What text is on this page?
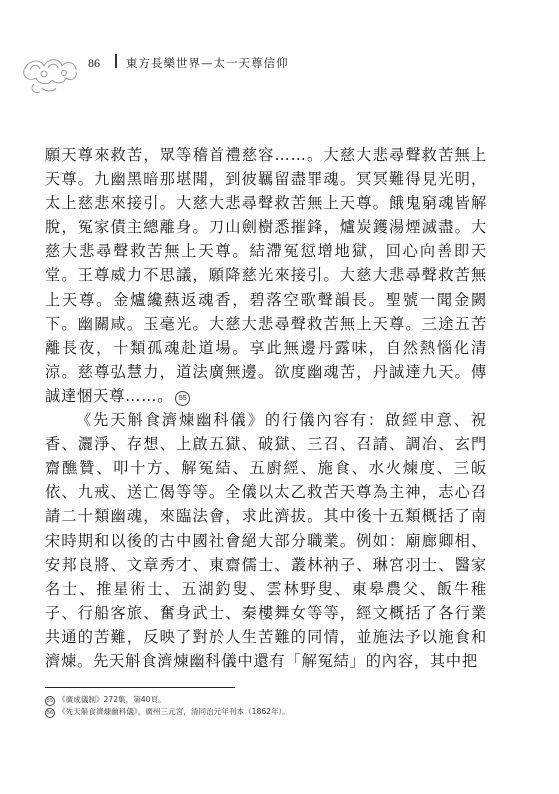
86 東方長樂世界—太一天尊信仰

願天尊來救苦，眾等稽首禮慈容……。大慈大悲尋聲救苦無上天尊。九幽黑暗那堪聞，到彼羈留盡罪魂。冥冥難得見光明，太上慈悲來接引。大慈大悲尋聲救苦無上天尊。餓鬼窮魂皆解脫，冤家債主總離身。刀山劍樹悉摧鋒，爐炭鑊湯煙滅盡。大慈大悲尋聲救苦無上天尊。結滯冤愆增地獄，回心向善即天堂。王尊威力不思議，願降慈光來接引。大慈大悲尋聲救苦無上天尊。金爐纔爇返魂香，碧落空歌聲韻長。聖號一聞金闕下。幽關咸。玉毫光。大慈大悲尋聲救苦無上天尊。三途五苦離長夜，十類孤魂赴道場。享此無邊丹露味，自然熱惱化清涼。慈尊弘慧力，道法廣無邊。欲度幽魂苦，丹誠達九天。傳誠達悃天尊……。 55

《先天斛食濟煉幽科儀》的行儀內容有：啟經申意、祝香、灑淨、存想、上啟五獄、破獄、三召、召請、調冶、玄門齋醮贊、叩十方、解冤結、五廚經、施食、水火煉度、三皈依、九戒、送亡偈等等。全儀以太乙救苦天尊為主神，志心召請二十類幽魂，來臨法會，求此濟拔。其中後十五類概括了南宋時期和以後的古中國社會絕大部分職業。例如：廟廊卿相、安邦良將、文章秀才、東齋儒士、叢林衲子、琳宮羽士、醫家名士、推星術士、五湖釣叟、雲林野叟、東皋農父、飯牛稚子、行船客旅、奮身武士、秦樓舞女等等，經文概括了各行業共通的苦難，反映了對於人生苦難的同情，並施法予以施食和濟煉。先天斛食濟煉幽科儀中還有「解冤結」的內容，其中把

55 《廣成儀制》272集，第40頁。
56 《先天斛食濟煉幽科儀》，廣州三元宮，清同治元年刊本（1862年）。
